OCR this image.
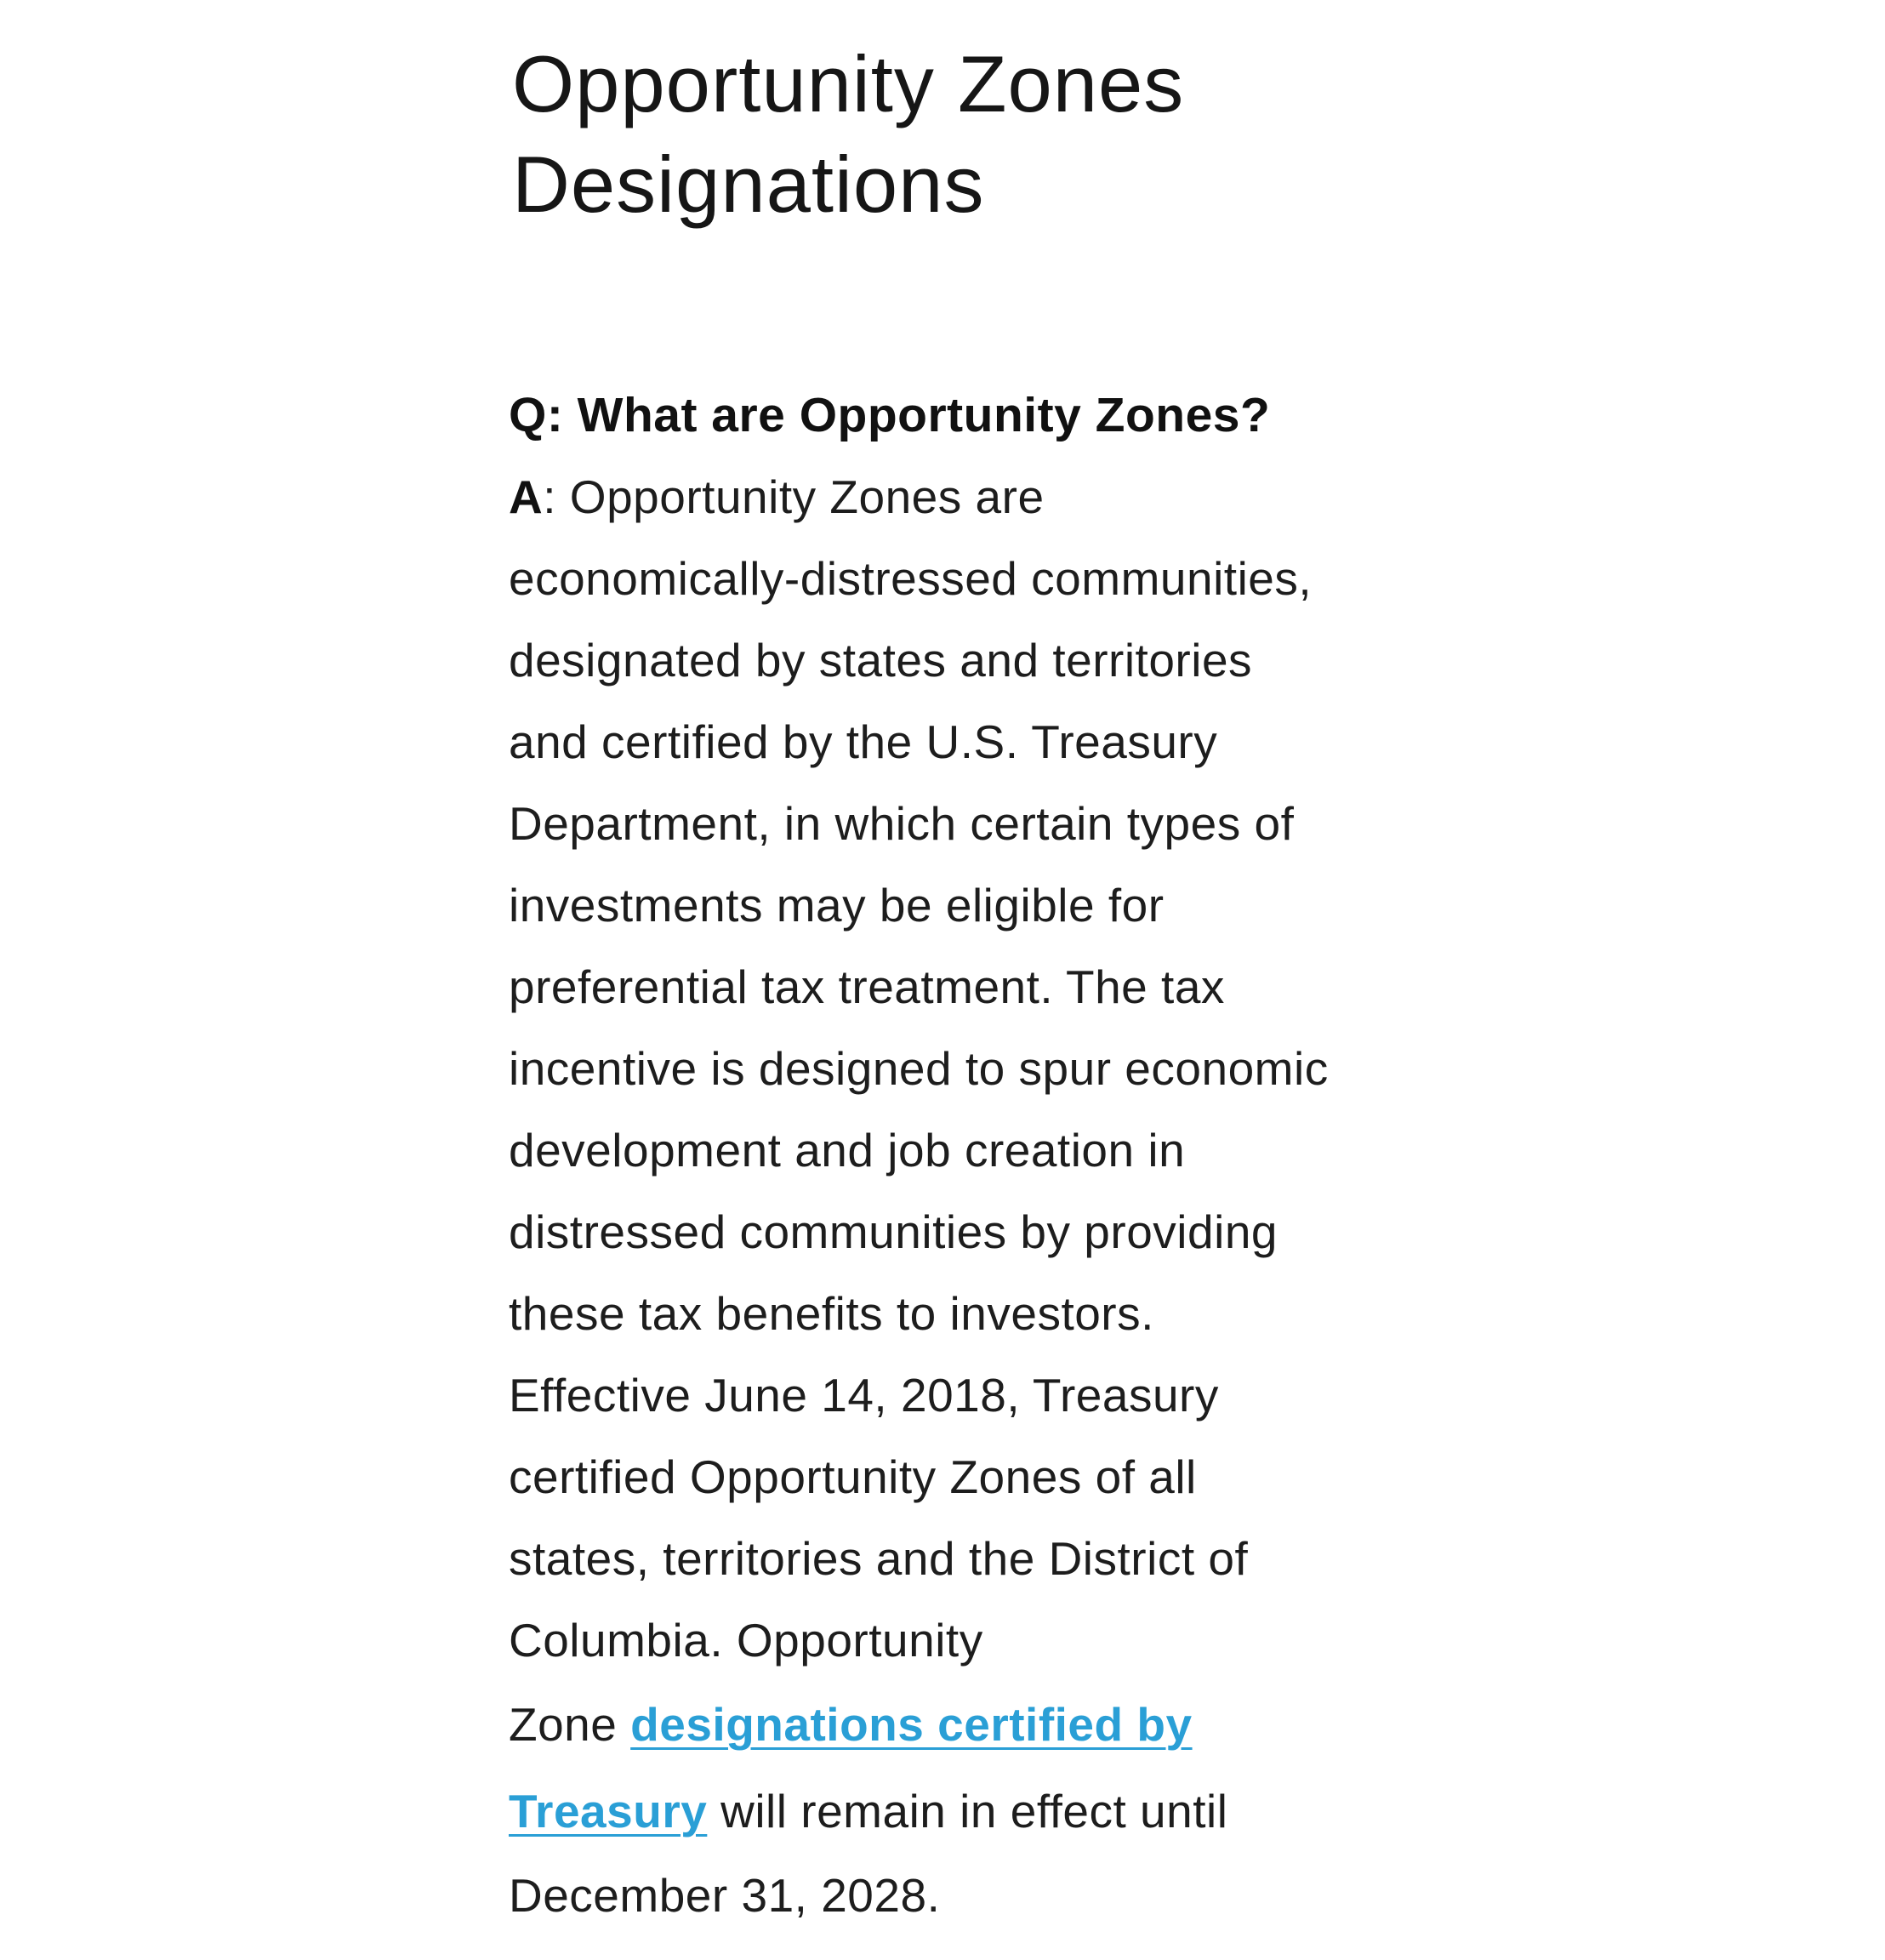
Opportunity Zones
Designations

Q: What are Opportunity Zones?

A: Opportunity Zones are
economically-distressed communities,
designated by states and territories
and certified by the U.S. Treasury
Department, in which certain types of
investments may be eligible for
preferential tax treatment. The tax
incentive is designed to spur economic
development and job creation in
distressed communities by providing
these tax benefits to investors.
Effective June 14, 2018, Treasury
certified Opportunity Zones of all
states, territories and the District of
Columbia. Opportunity
Zone designations certified by
Treasury will remain in effect until
December 31, 2028.
